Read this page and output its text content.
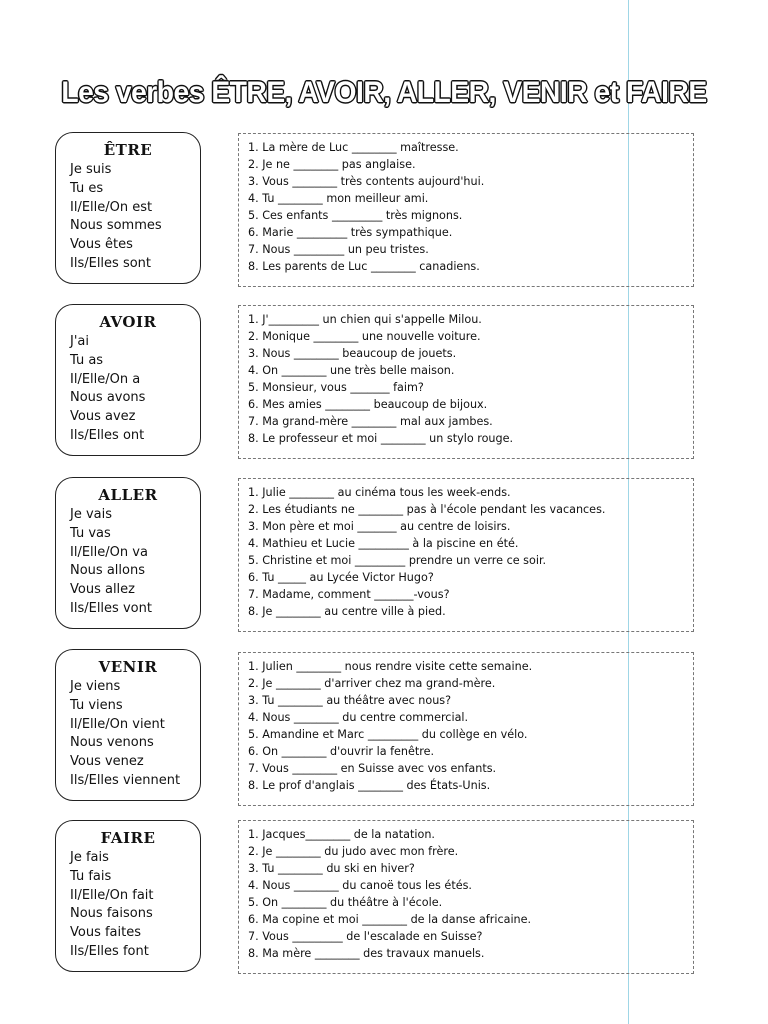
Les verbes ÊTRE, AVOIR, ALLER, VENIR et FAIRE
ÊTRE
Je suis
Tu es
Il/Elle/On est
Nous sommes
Vous êtes
Ils/Elles sont
1. La mère de Luc ________ maîtresse.
2. Je ne ________ pas anglaise.
3. Vous ________ très contents aujourd'hui.
4. Tu ________ mon meilleur ami.
5. Ces enfants _________ très mignons.
6. Marie _________ très sympathique.
7. Nous _________ un peu tristes.
8. Les parents de Luc ________ canadiens.
AVOIR
J'ai
Tu as
Il/Elle/On a
Nous avons
Vous avez
Ils/Elles ont
1. J'_________ un chien qui s'appelle Milou.
2. Monique ________ une nouvelle voiture.
3. Nous ________ beaucoup de jouets.
4. On ________ une très belle maison.
5. Monsieur, vous _______ faim?
6. Mes amies ________ beaucoup de bijoux.
7. Ma grand-mère ________ mal aux jambes.
8. Le professeur et moi ________ un stylo rouge.
ALLER
Je vais
Tu vas
Il/Elle/On va
Nous allons
Vous allez
Ils/Elles vont
1. Julie ________ au cinéma tous les week-ends.
2. Les étudiants ne ________ pas à l'école pendant les vacances.
3. Mon père et moi _______ au centre de loisirs.
4. Mathieu et Lucie _________ à la piscine en été.
5. Christine et moi _________ prendre un verre ce soir.
6. Tu _____ au Lycée Victor Hugo?
7. Madame, comment _______-vous?
8. Je ________ au centre ville à pied.
VENIR
Je viens
Tu viens
Il/Elle/On vient
Nous venons
Vous venez
Ils/Elles viennent
1. Julien ________ nous rendre visite cette semaine.
2. Je ________ d'arriver chez ma grand-mère.
3. Tu ________ au théâtre avec nous?
4. Nous ________ du centre commercial.
5. Amandine et Marc _________ du collège en vélo.
6. On ________ d'ouvrir la fenêtre.
7. Vous ________ en Suisse avec vos enfants.
8. Le prof d'anglais ________ des États-Unis.
FAIRE
Je fais
Tu fais
Il/Elle/On fait
Nous faisons
Vous faites
Ils/Elles font
1. Jacques________ de la natation.
2. Je ________ du judo avec mon frère.
3. Tu ________ du ski en hiver?
4. Nous ________ du canoë tous les étés.
5. On ________ du théâtre à l'école.
6. Ma copine et moi ________ de la danse africaine.
7. Vous _________ de l'escalade en Suisse?
8. Ma mère ________ des travaux manuels.
